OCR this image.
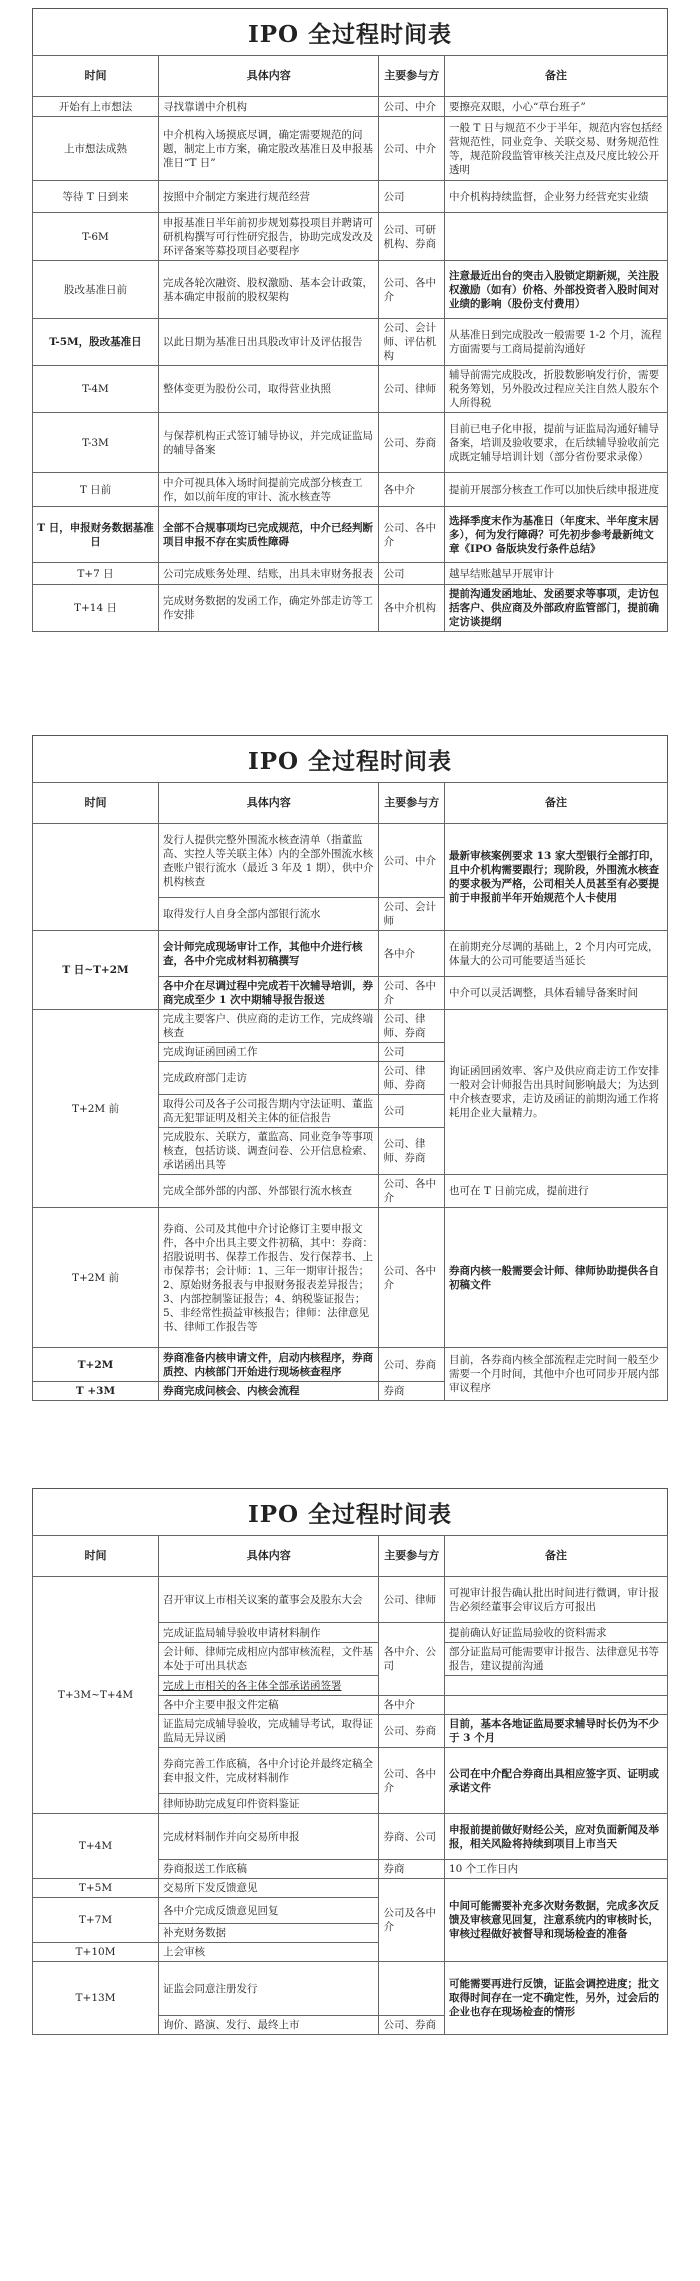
IPO 全过程时间表
时间	具体内容	主要参与方	备注
开始有上市想法	寻找靠谱中介机构	公司、中介	要擦亮双眼，小心“草台班子”
上市想法成熟	中介机构入场摸底尽调，确定需要规范的问题，制定上市方案，确定股改基准日及申报基准日“T 日”	公司、中介	一般 T 日与规范不少于半年，规范内容包括经营规范性，同业竞争、关联交易、财务规范性等，规范阶段监管审核关注点及尺度比较公开透明
等待 T 日到来	按照中介制定方案进行规范经营	公司	中介机构持续监督，企业努力经营充实业绩
T-6M	申报基准日半年前初步规划募投项目并聘请可研机构撰写可行性研究报告，协助完成发改及环评备案等募投项目必要程序	公司、可研机构、券商	
股改基准日前	完成各轮次融资、股权激励、基本会计政策，基本确定申报前的股权架构	公司、各中介	注意最近出台的突击入股锁定期新规，关注股权激励（如有）价格、外部投资者入股时间对业绩的影响（股份支付费用）
T-5M，股改基准日	以此日期为基准日出具股改审计及评估报告	公司、会计师、评估机构	从基准日到完成股改一般需要 1-2 个月，流程方面需要与工商局提前沟通好
T-4M	整体变更为股份公司，取得营业执照	公司、律师	辅导前需完成股改，折股数影响发行价，需要税务筹划，另外股改过程应关注自然人股东个人所得税
T-3M	与保荐机构正式签订辅导协议，并完成证监局的辅导备案	公司、券商	目前已电子化申报，提前与证监局沟通好辅导备案，培训及验收要求，在后续辅导验收前完成既定辅导培训计划（部分省份要求录像）
T 日前	中介可视具体入场时间提前完成部分核查工作，如以前年度的审计、流水核查等	各中介	提前开展部分核查工作可以加快后续申报进度
T 日，申报财务数据基准日	全部不合规事项均已完成规范，中介已经判断项目申报不存在实质性障碍	公司、各中介	选择季度末作为基准日（年度末、半年度末居多），何为发行障碍？可先初步参考最新纯文章《IPO 备版块发行条件总结》
T+7 日	公司完成账务处理、结账，出具未审财务报表	公司	越早结账越早开展审计
T+14 日	完成财务数据的发函工作，确定外部走访等工作安排	各中介机构	提前沟通发函地址、发函要求等事项，走访包括客户、供应商及外部政府监管部门，提前确定访谈提纲
IPO 全过程时间表
时间	具体内容	主要参与方	备注
	发行人提供完整外围流水核查清单（指董监高、实控人等关联主体）内的全部外围流水核查账户银行流水（最近 3 年及 1 期），供中介机构核查	公司、中介	最新审核案例要求 13 家大型银行全部打印，且中介机构需要跟行；现阶段，外围流水核查的要求极为严格，公司相关人员甚至有必要提前于申报前半年开始规范个人卡使用
	取得发行人自身全部内部银行流水	公司、会计师	
T 日~T+2M	会计师完成现场审计工作，其他中介进行核查，各中介完成材料初稿撰写	各中介	在前期充分尽调的基础上，2 个月内可完成，体量大的公司可能要适当延长
	各中介在尽调过程中完成若干次辅导培训，券商完成至少 1 次中期辅导报告报送	公司、各中介	中介可以灵活调整，具体看辅导备案时间
T+2M 前	完成主要客户、供应商的走访工作，完成终端核查	公司、律师、券商	询证函回函效率、客户及供应商走访工作安排一般对会计师报告出具时间影响最大；为达到中介核查要求，走访及函证的前期沟通工作将耗用企业大量精力。
	完成询证函回函工作	公司	
	完成政府部门走访	公司、律师、券商	
	取得公司及各子公司报告期内守法证明、董监高无犯罪证明及相关主体的征信报告	公司	
	完成股东、关联方，董监高、同业竞争等事项核查，包括访谈、调查问卷、公开信息检索、承诺函出具等	公司、律师、券商	
	完成全部外部的内部、外部银行流水核查	公司、各中介	也可在 T 日前完成，提前进行
T+2M 前	券商、公司及其他中介讨论修订主要申报文件，各中介出具主要文件初稿，其中：券商：招股说明书、保荐工作报告、发行保荐书、上市保荐书；会计师：1、三年一期审计报告；2、原始财务报表与申报财务报表差异报告；3、内部控制鉴证报告；4、纳税鉴证报告；5、非经常性损益审核报告；律师：法律意见书、律师工作报告等	公司、各中介	券商内核一般需要会计师、律师协助提供各自初稿文件
T+2M	券商准备内核申请文件，启动内核程序，券商质控、内核部门开始进行现场核查程序	公司、券商	目前，各券商内核全部流程走完时间一般至少需要一个月时间，其他中介也可同步开展内部审议程序
T +3M	券商完成问核会、内核会流程	券商	
IPO 全过程时间表
时间	具体内容	主要参与方	备注
T+3M~T+4M	召开审议上市相关议案的董事会及股东大会	公司、律师	可视审计报告确认批出时间进行微调，审计报告必须经董事会审议后方可报出
	完成证监局辅导验收申请材料制作	各中介、公司	提前确认好证监局验收的资料需求
	会计师、律师完成相应内部审核流程，文件基本处于可出具状态		部分证监局可能需要审计报告、法律意见书等报告，建议提前沟通
	完成上市相关的各主体全部承诺函签署		
	各中介主要申报文件定稿	各中介	
	证监局完成辅导验收，完成辅导考试，取得证监局无异议函	公司、券商	目前，基本各地证监局要求辅导时长仍为不少于 3 个月
	券商完善工作底稿，各中介讨论并最终定稿全套申报文件，完成材料制作	公司、各中介	公司在中介配合券商出具相应签字页、证明或承诺文件
	律师协助完成复印件资料鉴证		
T+4M	完成材料制作并向交易所申报	券商、公司	申报前提前做好财经公关，应对负面新闻及举报，相关风险将持续到项目上市当天
	券商报送工作底稿	券商	10 个工作日内
T+5M	交易所下发反馈意见	公司及各中介	中间可能需要补充多次财务数据，完成多次反馈及审核意见回复，注意系统内的审核时长，审核过程做好被督导和现场检查的准备
T+7M	各中介完成反馈意见回复		
	补充财务数据		
T+10M	上会审核		
T+13M	证监会同意注册发行		可能需要再进行反馈，证监会调控进度；批文取得时间存在一定不确定性，另外，过会后的企业也存在现场检查的情形
	询价、路演、发行、最终上市	公司、券商	
